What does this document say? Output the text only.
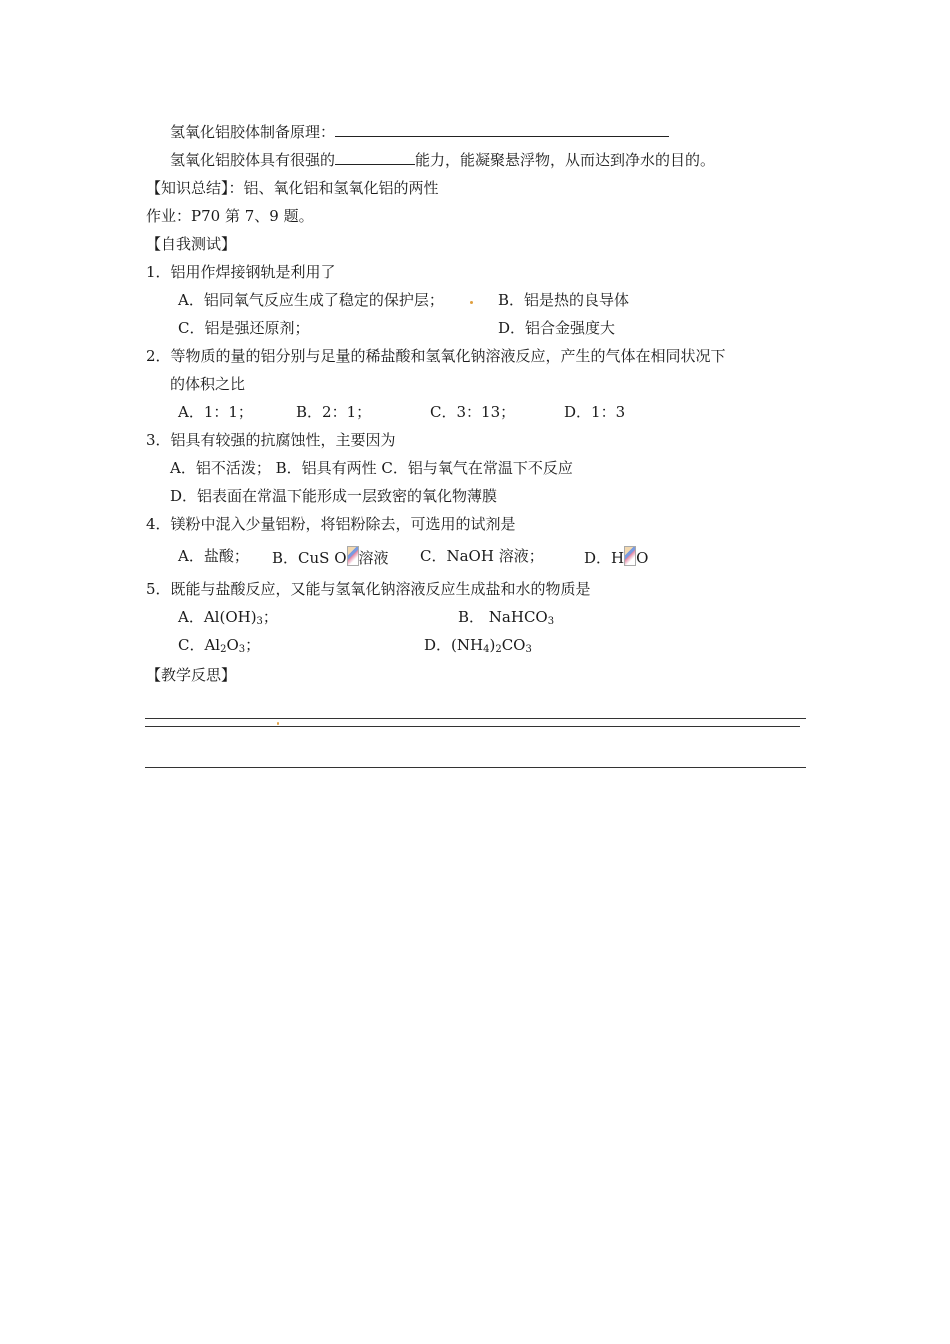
氢氧化铝胶体制备原理：
氢氧化铝胶体具有很强的	能力，能凝聚悬浮物，从而达到净水的目的。
【知识总结】：铝、氧化铝和氢氧化铝的两性
作业：P70 第 7、9 题。
【自我测试】
1．铝用作焊接钢轨是利用了
A．铝同氧气反应生成了稳定的保护层；	B．铝是热的良导体
C．铝是强还原剂；	D．铝合金强度大
2．等物质的量的铝分别与足量的稀盐酸和氢氧化钠溶液反应，产生的气体在相同状况下
的体积之比
A．1：1；	B．2：1；	C．3：13；	D．1：3
3．铝具有较强的抗腐蚀性，主要因为
A．铝不活泼； B．铝具有两性 C．铝与氧气在常温下不反应
D．铝表面在常温下能形成一层致密的氧化物薄膜
4．镁粉中混入少量铝粉，将铝粉除去，可选用的试剂是
A．盐酸； B．CuS O 溶液 C．NaOH 溶液；	D．H O
5．既能与盐酸反应，又能与氢氧化钠溶液反应生成盐和水的物质是
A．$Al(OH)_3$；	B． NaHCO$_3$
C．$Al_2O_3$；	D．$(NH_4)_2CO_3$
【教学反思】
